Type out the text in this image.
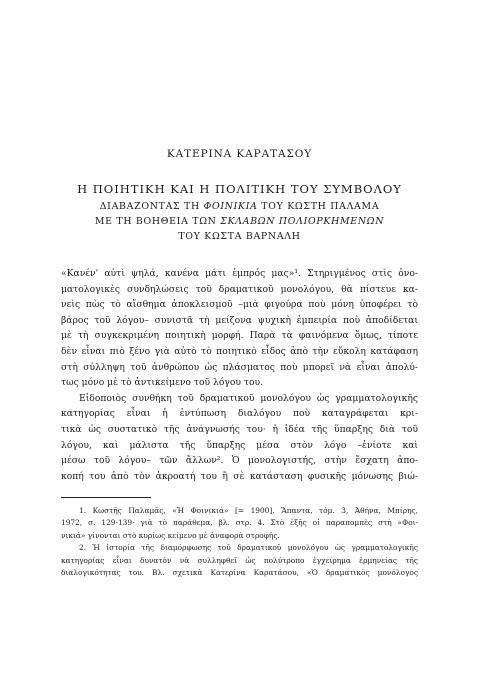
ΚΑΤΕΡΙΝΑ ΚΑΡΑΤΑΣΟΥ
Η ΠΟΙΗΤΙΚΗ ΚΑΙ Η ΠΟΛΙΤΙΚΗ ΤΟΥ ΣΥΜΒΟΛΟΥ
ΔΙΑΒΑΖΟΝΤΑΣ ΤΗ ΦΟΙΝΙΚΙΑ ΤΟΥ ΚΩΣΤΗ ΠΑΛΑΜΑ
ΜΕ ΤΗ ΒΟΗΘΕΙΑ ΤΩΝ ΣΚΛΑΒΩΝ ΠΟΛΙΟΡΚΗΜΕΝΩΝ
ΤΟΥ ΚΩΣΤΑ ΒΑΡΝΑΛΗ
«Κανέν' αὐτὶ ψηλά, κανένα μάτι ἐμπρός μας»¹. Στηριγμένος στὶς ὀνο-
ματολογικὲς συνδηλώσεις τοῦ δραματικοῦ μονολόγου, θὰ πίστευε κα-
νεὶς πὼς τὸ αἴσθημα ἀποκλεισμοῦ –μιὰ φιγούρα ποὺ μόνη ὑποφέρει τὸ
βάρος τοῦ λόγου– συνιστᾶ τὴ μείζονα ψυχικὴ ἐμπειρία ποὺ ἀποδίδεται
μὲ τὴ συγκεκριμένη ποιητικὴ μορφή. Παρὰ τὰ φαινόμενα ὅμως, τίποτε
δὲν εἶναι πιὸ ξένο γιὰ αὐτὸ τὸ ποιητικὸ εἶδος ἀπὸ τὴν εὔκολη κατάφαση
στὴ σύλληψη τοῦ ἀνθρώπου ὡς πλάσματος ποὺ μπορεῖ νὰ εἶναι ἀπολύ-
τως μόνο μὲ τὸ ἀντικείμενο τοῦ λόγου του.
Εἰδοποιὸς συνθήκη τοῦ δραματικοῦ μονολόγου ὡς γραμματολογικῆς
κατηγορίας εἶναι ἡ ἐντύπωση διαλόγου ποὺ καταγράφεται κρι-
τικὰ ὡς συστατικὸ τῆς ἀνάγνωσής του· ἡ ἰδέα τῆς ὕπαρξης διὰ τοῦ
λόγου, καὶ μάλιστα τῆς ὕπαρξης μέσα στὸν λόγο –ἐνίοτε καὶ
μέσω τοῦ λόγου– τῶν ἄλλων². Ὁ μονολογιστής, στὴν ἔσχατη ἀπο-
κοπή του ἀπὸ τὸν ἀκροατή του ἢ σὲ κατάσταση φυσικῆς μόνωσης βιώ-
1. Κωστῆς Παλαμᾶς, «Ἡ Φοινικιά» [= 1900], Ἅπαντα, τόμ. 3, Ἀθήνα, Μπίρης,
1972, σ. 129-139· γιὰ τὸ παράθεμα, βλ. στρ. 4. Στὸ ἑξῆς οἱ παραπομπὲς στὴ «Φοι-
νικιά» γίνονται στὸ κυρίως κείμενο μὲ ἀναφορὰ στροφῆς.
2. Ἡ ἱστορία τῆς διαμόρφωσης τοῦ δραματικοῦ μονολόγου ὡς γραμματολογικῆς
κατηγορίας εἶναι δυνατὸν νὰ συλληφθεῖ ὡς πολύτροπο ἐγχείρημα ἑρμηνείας τῆς
διαλογικότητας του. Βλ. σχετικὰ Κατερίνα Καρατάσου, «Ὁ δραματικὸς μονόλογος
